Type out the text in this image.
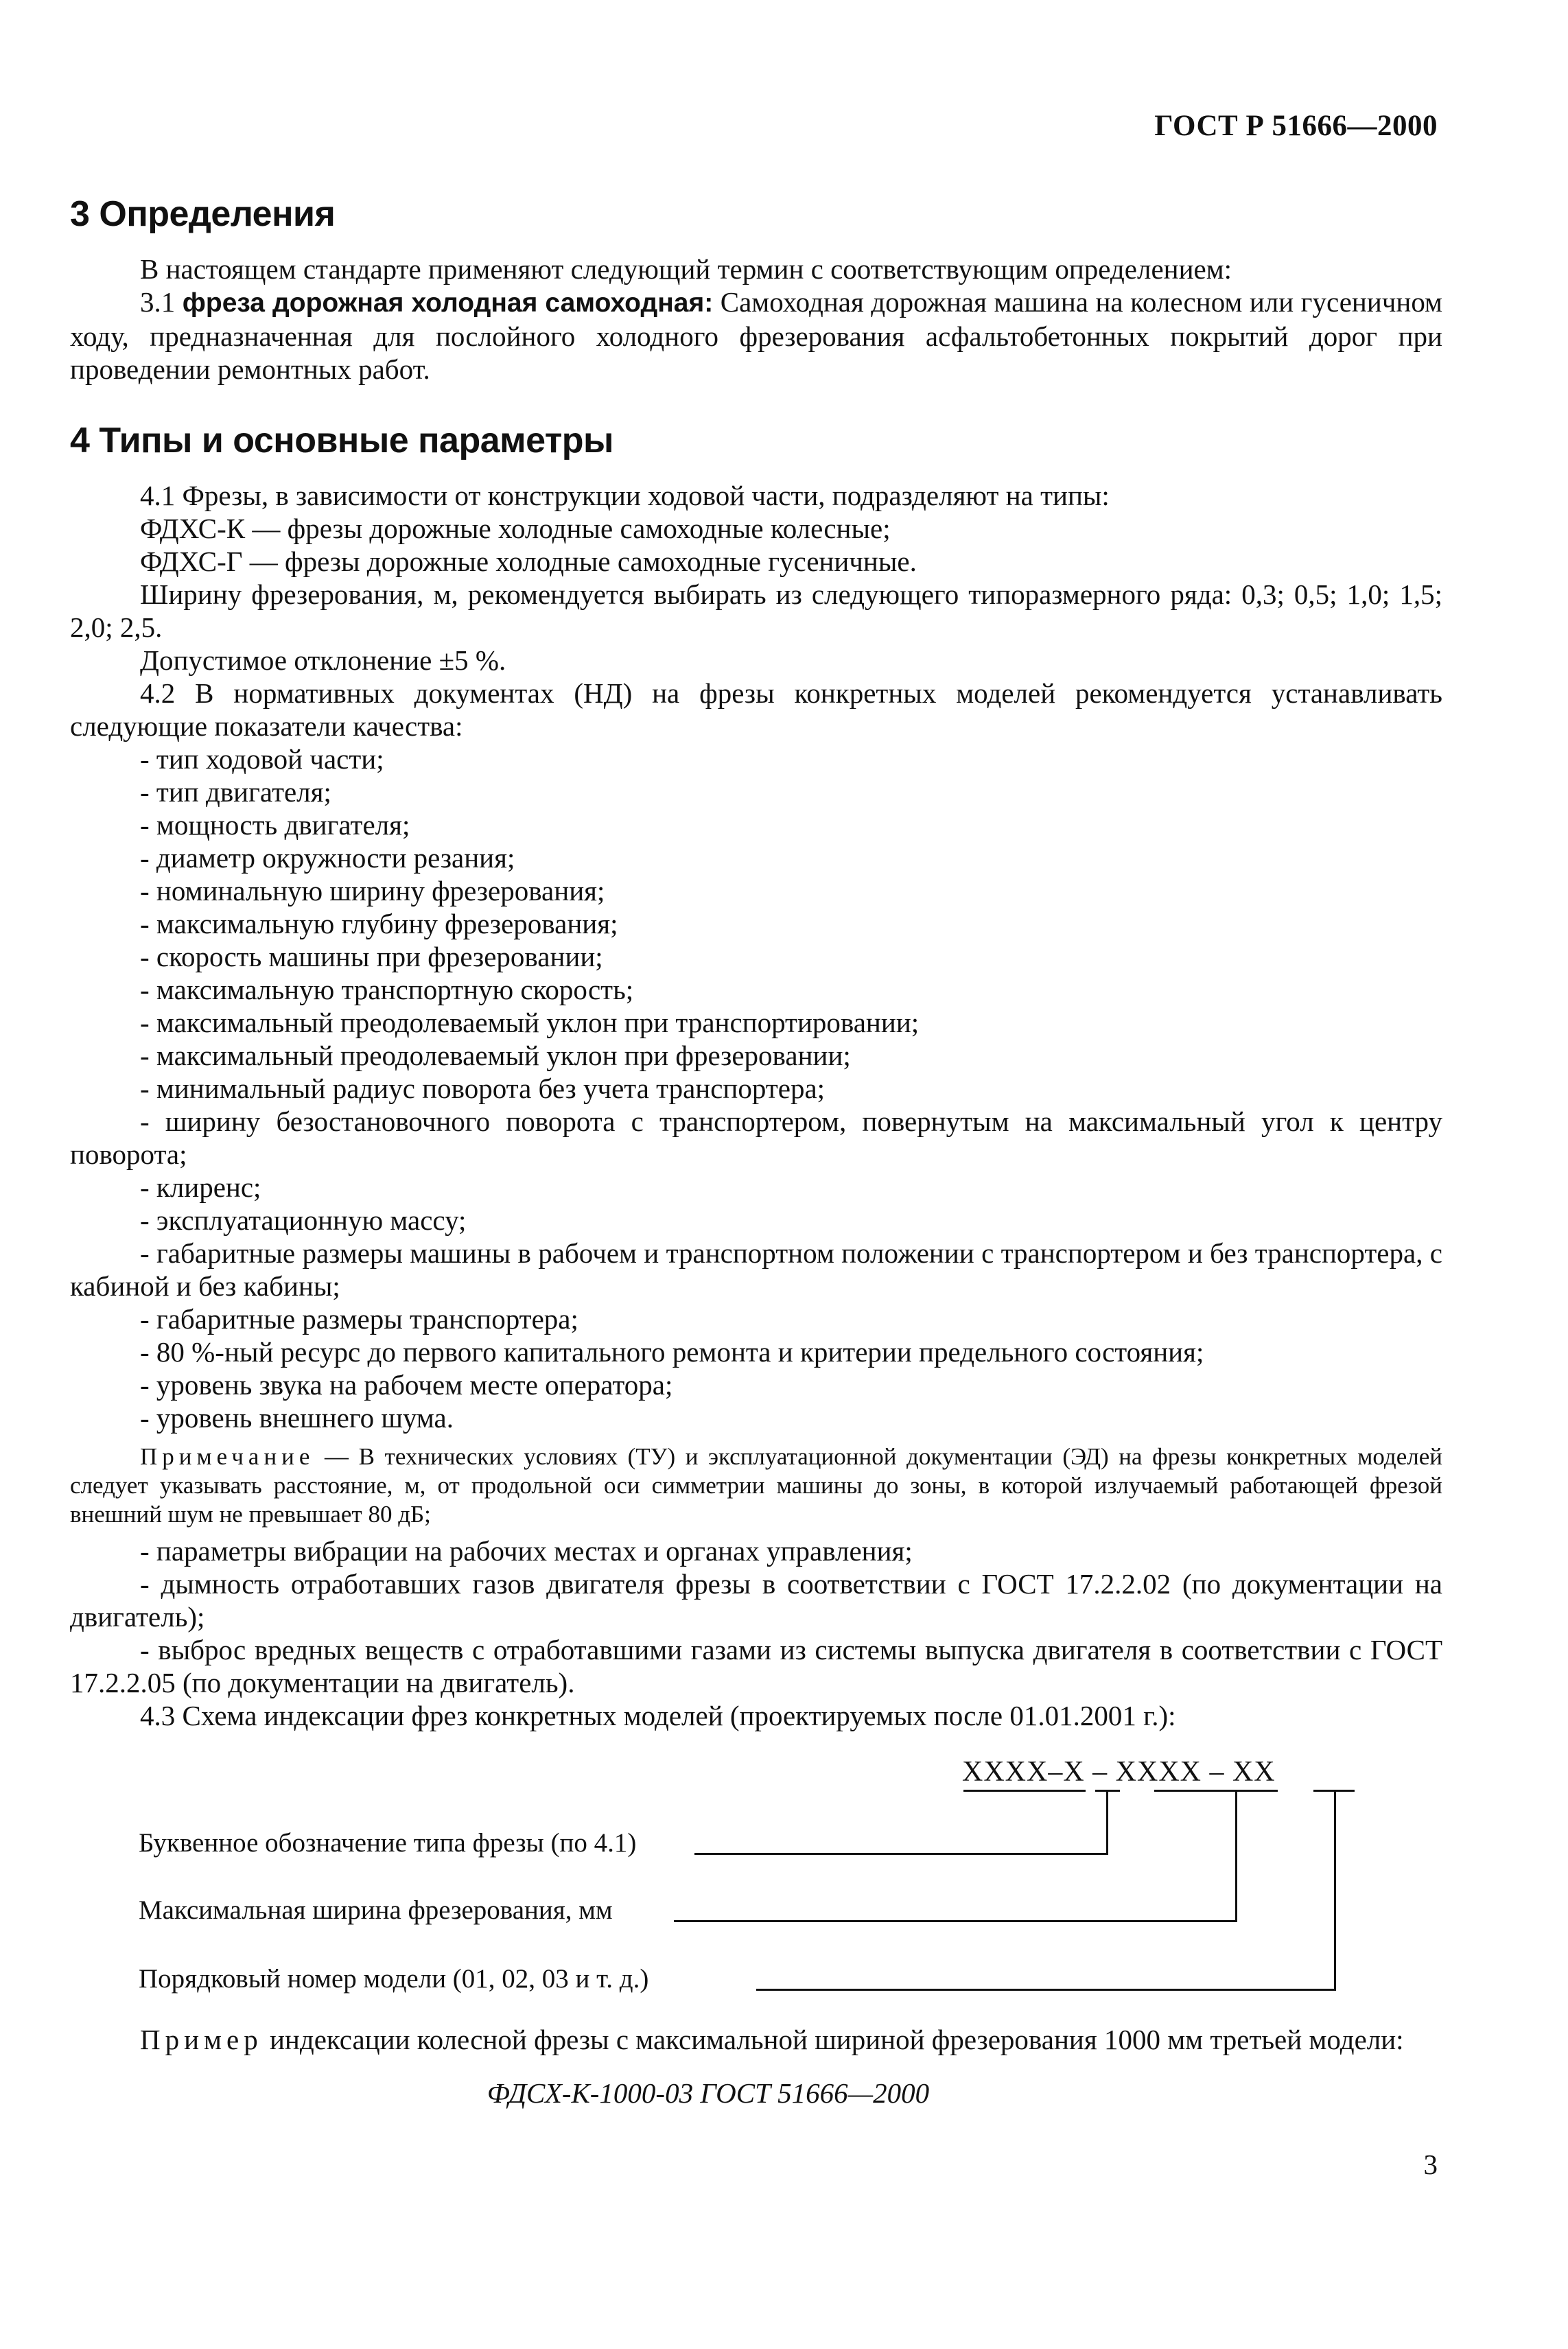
ГОСТ Р 51666—2000
3 Определения

В настоящем стандарте применяют следующий термин с соответствующим определением:

3.1 фреза дорожная холодная самоходная: Самоходная дорожная машина на колесном или гусеничном ходу, предназначенная для послойного холодного фрезерования асфальтобетонных покрытий дорог при проведении ремонтных работ.

4 Типы и основные параметры

4.1 Фрезы, в зависимости от конструкции ходовой части, подразделяют на типы:

ФДХС-К — фрезы дорожные холодные самоходные колесные;

ФДХС-Г — фрезы дорожные холодные самоходные гусеничные.

Ширину фрезерования, м, рекомендуется выбирать из следующего типоразмерного ряда: 0,3; 0,5; 1,0; 1,5; 2,0; 2,5.

Допустимое отклонение ±5 %.

4.2 В нормативных документах (НД) на фрезы конкретных моделей рекомендуется устанавливать следующие показатели качества:

- тип ходовой части;
- тип двигателя;
- мощность двигателя;
- диаметр окружности резания;
- номинальную ширину фрезерования;
- максимальную глубину фрезерования;
- скорость машины при фрезеровании;
- максимальную транспортную скорость;
- максимальный преодолеваемый уклон при транспортировании;
- максимальный преодолеваемый уклон при фрезеровании;
- минимальный радиус поворота без учета транспортера;
- ширину безостановочного поворота с транспортером, повернутым на максимальный угол к центру поворота;
- клиренс;
- эксплуатационную массу;
- габаритные размеры машины в рабочем и транспортном положении с транспортером и без транспортера, с кабиной и без кабины;
- габаритные размеры транспортера;
- 80 %-ный ресурс до первого капитального ремонта и критерии предельного состояния;
- уровень звука на рабочем месте оператора;
- уровень внешнего шума.

Примечание — В технических условиях (ТУ) и эксплуатационной документации (ЭД) на фрезы конкретных моделей следует указывать расстояние, м, от продольной оси симметрии машины до зоны, в которой излучаемый работающей фрезой внешний шум не превышает 80 дБ;

- параметры вибрации на рабочих местах и органах управления;
- дымность отработавших газов двигателя фрезы в соответствии с ГОСТ 17.2.2.02 (по документации на двигатель);
- выброс вредных веществ с отработавшими газами из системы выпуска двигателя в соответствии с ГОСТ 17.2.2.05 (по документации на двигатель).

4.3 Схема индексации фрез конкретных моделей (проектируемых после 01.01.2001 г.):

ХХХХ–Х – ХХХХ – ХХ
Буквенное обозначение типа фрезы (по 4.1)
Максимальная ширина фрезерования, мм
Порядковый номер модели (01, 02, 03 и т. д.)

Пример индексации колесной фрезы с максимальной шириной фрезерования 1000 мм третьей модели:

ФДСХ-К-1000-03 ГОСТ 51666—2000

3
